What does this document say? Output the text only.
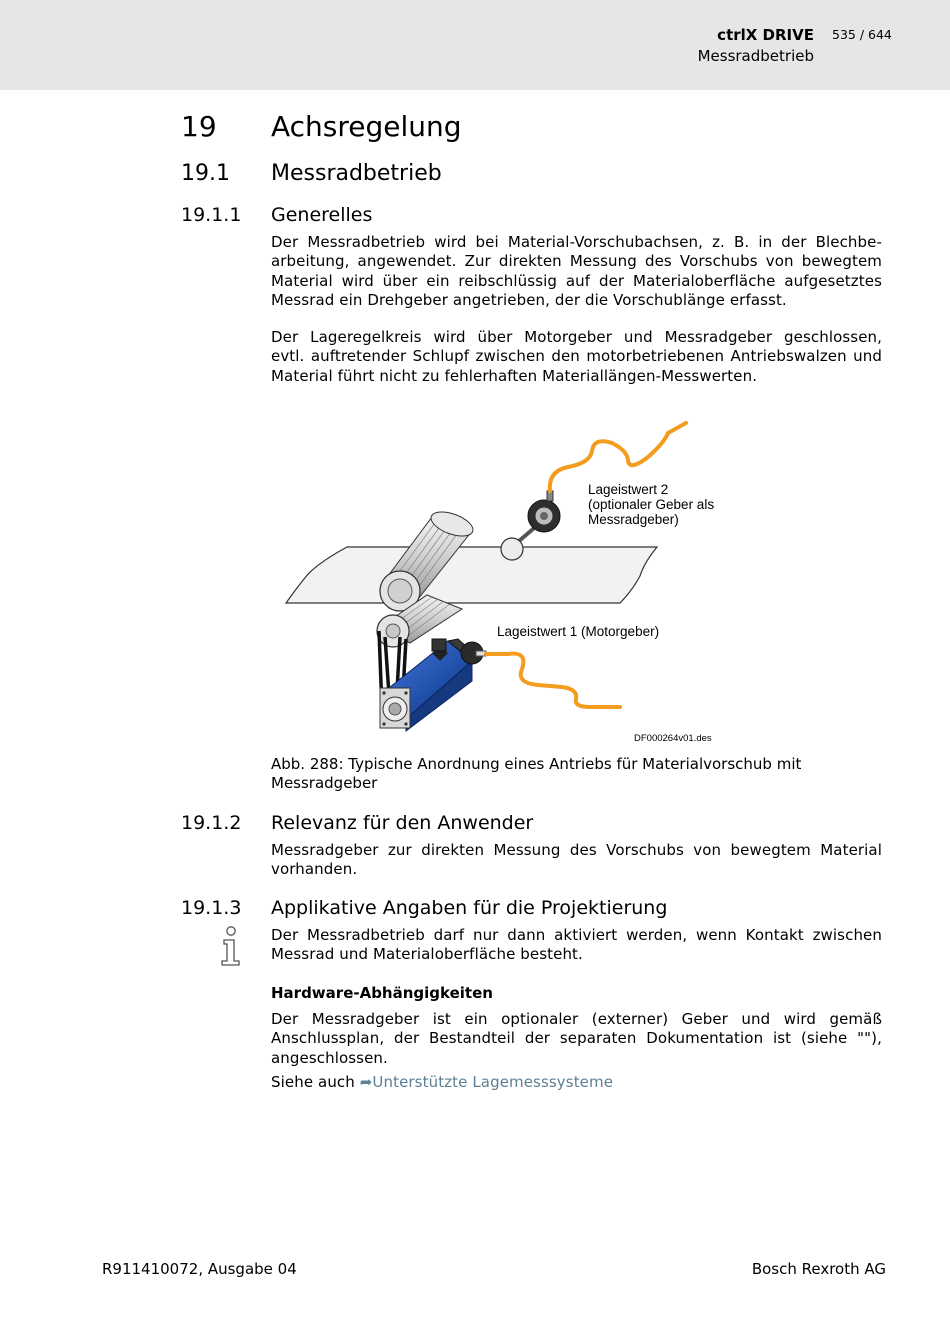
ctrlX DRIVE
Messradbetrieb
535 / 644
19 Achsregelung
19.1 Messradbetrieb
19.1.1 Generelles
Der Messradbetrieb wird bei Material-Vorschubachsen, z. B. in der Blechbe-
arbeitung, angewendet. Zur direkten Messung des Vorschubs von bewegtem
Material wird über ein reibschlüssig auf der Materialoberfläche aufgesetztes
Messrad ein Drehgeber angetrieben, der die Vorschublänge erfasst.
Der Lageregelkreis wird über Motorgeber und Messradgeber geschlossen,
evtl. auftretender Schlupf zwischen den motorbetriebenen Antriebswalzen und
Material führt nicht zu fehlerhaften Materiallängen-Messwerten.
Lageistwert 2
(optionaler Geber als
Messradgeber)
Lageistwert 1 (Motorgeber)
DF000264v01.des
Abb. 288: Typische Anordnung eines Antriebs für Materialvorschub mit
Messradgeber
19.1.2 Relevanz für den Anwender
Messradgeber zur direkten Messung des Vorschubs von bewegtem Material
vorhanden.
19.1.3 Applikative Angaben für die Projektierung
Der Messradbetrieb darf nur dann aktiviert werden, wenn Kontakt zwischen
Messrad und Materialoberfläche besteht.
Hardware-Abhängigkeiten
Der Messradgeber ist ein optionaler (externer) Geber und wird gemäß
Anschlussplan, der Bestandteil der separaten Dokumentation ist (siehe ""),
angeschlossen.
Siehe auch ➦Unterstützte Lagemesssysteme
R911410072, Ausgabe 04	Bosch Rexroth AG
